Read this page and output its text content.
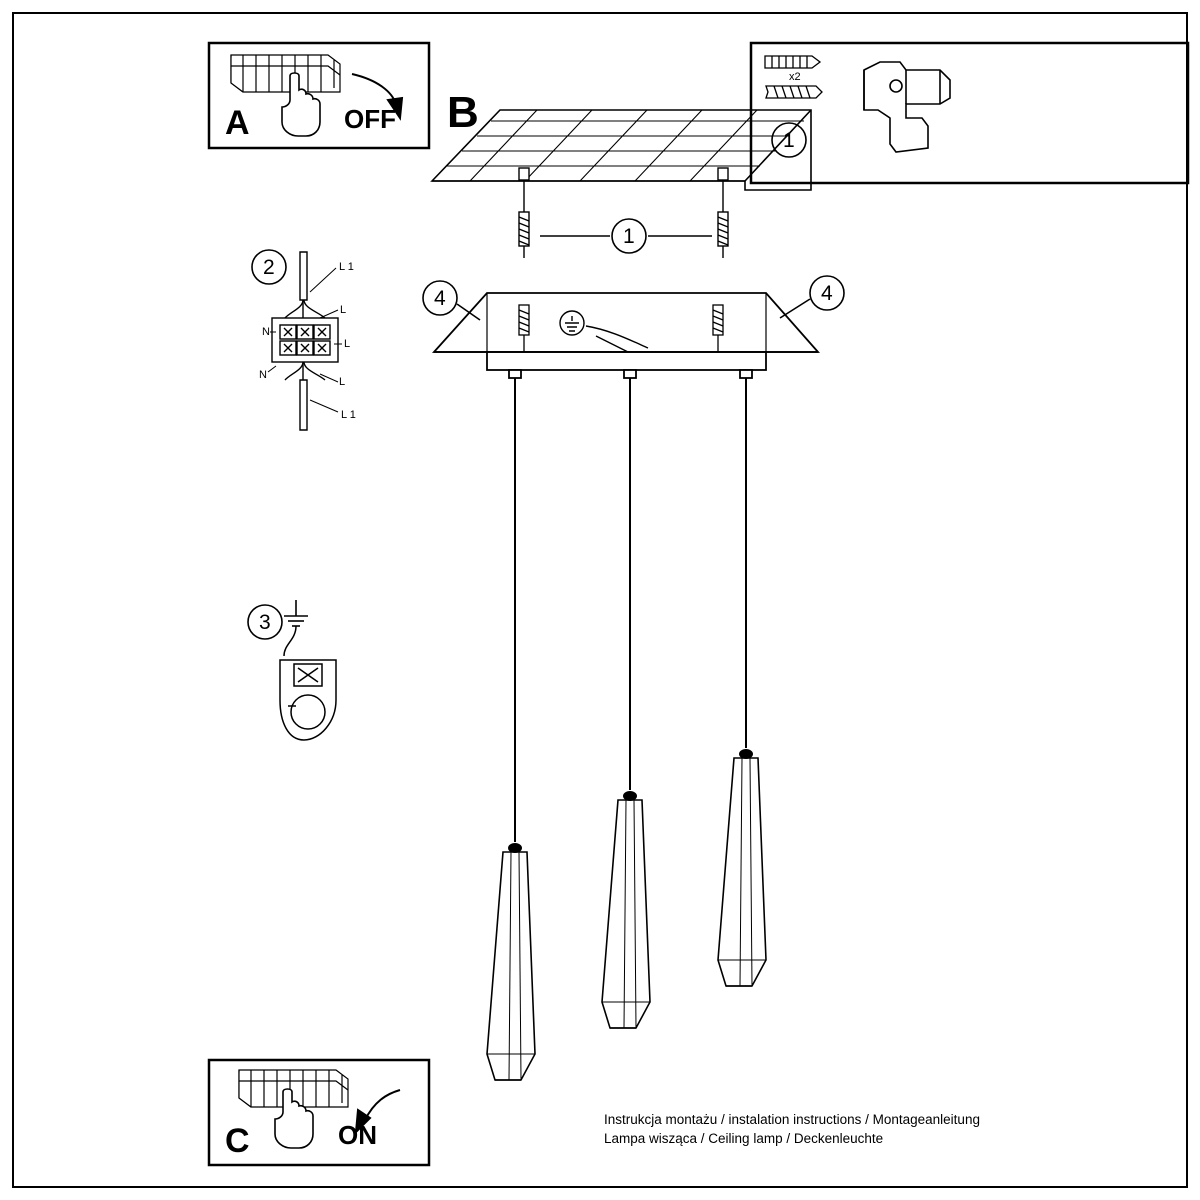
A	OFF B
C	ON
x2
1
1
2
3
4	4
L 1
L
N
L
N
L
L 1
Instrukcja montażu / instalation instructions / Montageanleitung
Lampa wisząca / Ceiling lamp / Deckenleuchte
